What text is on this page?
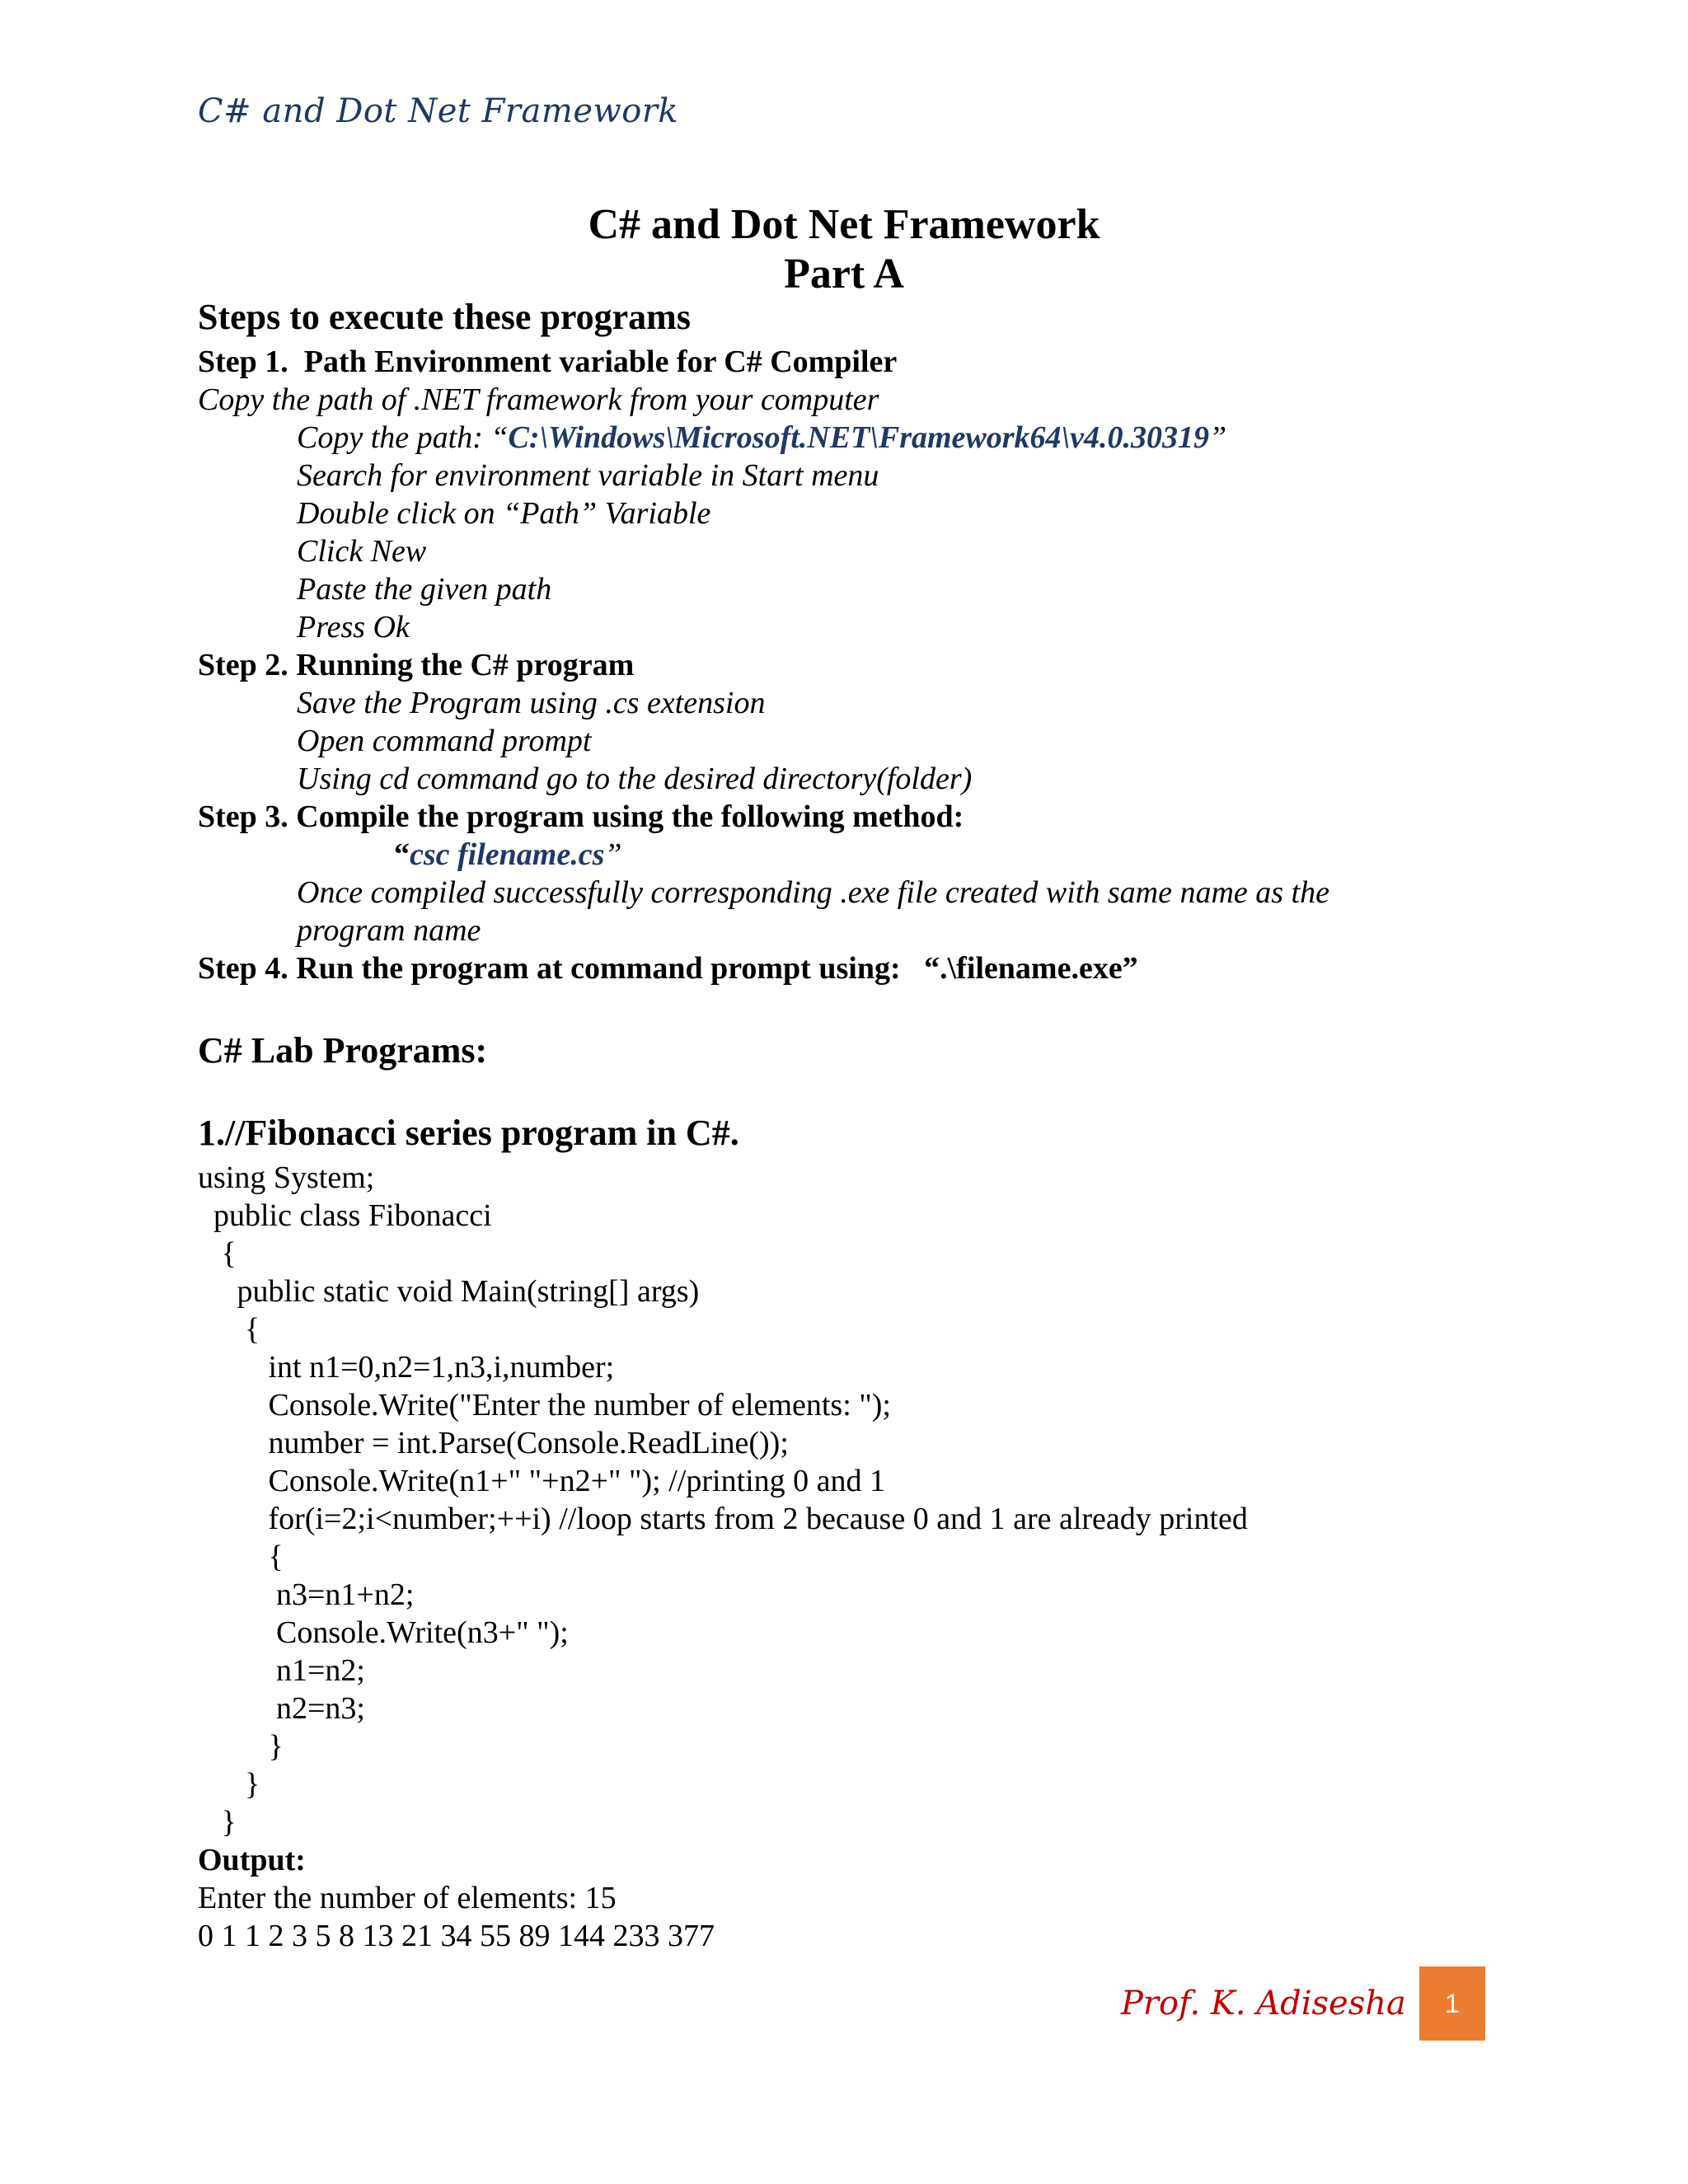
C# and Dot Net Framework
C# and Dot Net Framework
Part A
Steps to execute these programs
Step 1.  Path Environment variable for C# Compiler
Copy the path of .NET framework from your computer
Copy the path: “C:\Windows\Microsoft.NET\Framework64\v4.0.30319”
Search for environment variable in Start menu
Double click on “Path” Variable
Click New
Paste the given path
Press Ok
Step 2. Running the C# program
Save the Program using .cs extension
Open command prompt
Using cd command go to the desired directory(folder)
Step 3. Compile the program using the following method:
“csc filename.cs”
Once compiled successfully corresponding .exe file created with same name as the
program name
Step 4. Run the program at command prompt using:   “.\filename.exe”
C# Lab Programs:
1.//Fibonacci series program in C#.
using System;
public class Fibonacci
{
public static void Main(string[] args)
{
int n1=0,n2=1,n3,i,number;
Console.Write("Enter the number of elements: ");
number = int.Parse(Console.ReadLine());
Console.Write(n1+" "+n2+" "); //printing 0 and 1
for(i=2;i<number;++i) //loop starts from 2 because 0 and 1 are already printed
{
n3=n1+n2;
Console.Write(n3+" ");
n1=n2;
n2=n3;
}
}
}
Output:
Enter the number of elements: 15
0 1 1 2 3 5 8 13 21 34 55 89 144 233 377
Prof. K. Adisesha	1
